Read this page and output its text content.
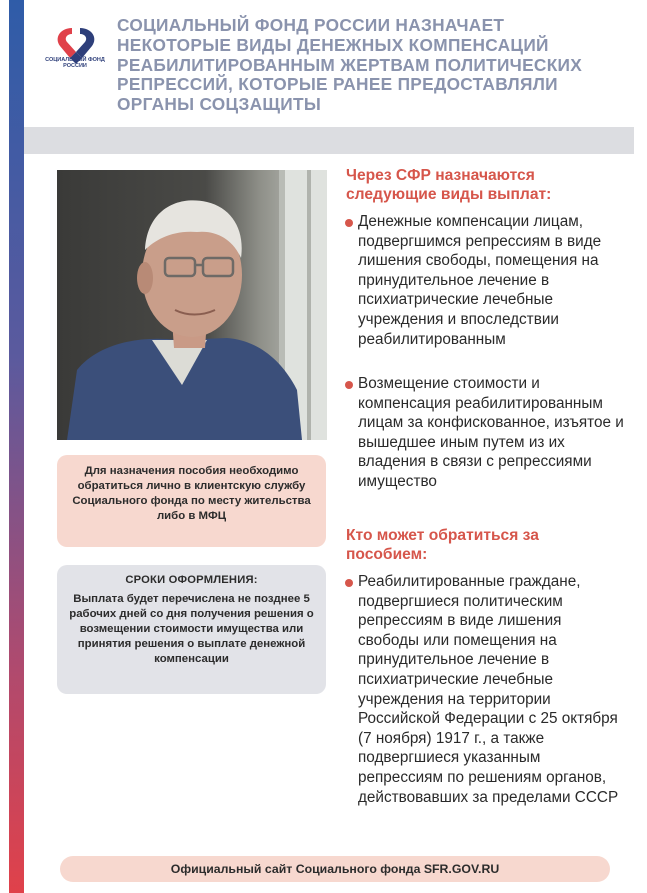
СОЦИАЛЬНЫЙ ФОНД РОССИИ
СОЦИАЛЬНЫЙ ФОНД РОССИИ НАЗНАЧАЕТ НЕКОТОРЫЕ ВИДЫ ДЕНЕЖНЫХ КОМПЕНСАЦИЙ РЕАБИЛИТИРОВАННЫМ ЖЕРТВАМ ПОЛИТИЧЕСКИХ РЕПРЕССИЙ, КОТОРЫЕ РАНЕЕ ПРЕДОСТАВЛЯЛИ ОРГАНЫ СОЦЗАЩИТЫ
Для назначения пособия необходимо обратиться лично в клиентскую службу Социального фонда по месту жительства либо в МФЦ
СРОКИ ОФОРМЛЕНИЯ:
Выплата будет перечислена не позднее 5 рабочих дней со дня получения решения о возмещении стоимости имущества или принятия решения о выплате денежной компенсации
Через СФР назначаются следующие виды выплат:
Денежные компенсации лицам, подвергшимся репрессиям в виде лишения свободы, помещения на принудительное лечение в психиатрические лечебные учреждения и впоследствии реабилитированным
Возмещение стоимости и компенсация реабилитированным лицам за конфискованное, изъятое и вышедшее иным путем из их владения в связи с репрессиями имущество
Кто может обратиться за пособием:
Реабилитированные граждане, подвергшиеся политическим репрессиям в виде лишения свободы или помещения на принудительное лечение в психиатрические лечебные учреждения на территории Российской Федерации с 25 октября (7 ноября) 1917 г., а также подвергшиеся указанным репрессиям по решениям органов, действовавших за пределами СССР
Официальный сайт Социального фонда SFR.GOV.RU
